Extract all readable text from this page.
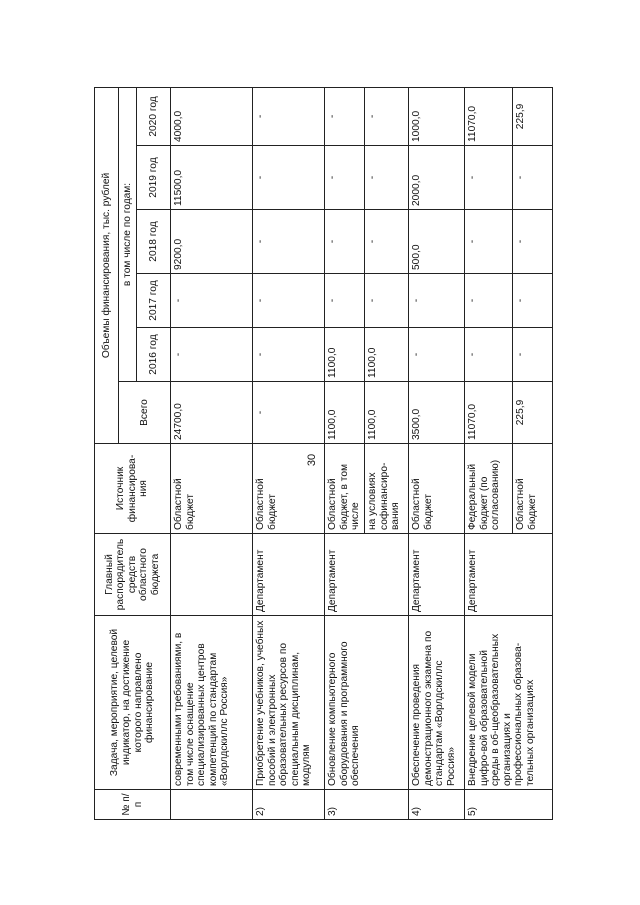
30
№ п/п	Задача, мероприятие, целевой индикатор, на достижение которого направлено финансирование	Главный распорядитель средств областного бюджета	Источник финансирова-ния	Объемы финансирования, тыс. рублей					
				Всего	в том числе по годам:				
					2016 год	2017 год	2018 год	2019 год	2020 год
	современными требованиями, в том числе оснащение специализированных центров компетенций по стандартам «Ворлдскиллс Россия»		Областной бюджет	24700,0	-	-	9200,0	11500,0	4000,0
2)	Приобретение учебников, учебных пособий и электронных образовательных ресурсов по специальным дисциплинам, модулям	Департамент	Областной бюджет	-	-	-	-	-	-
3)	Обновление компьютерного оборудования и программного обеспечения	Департамент	Областной бюджет, в том числе	1100,0	1100,0	-	-	-	-
			на условиях софинансиро-вания	1100,0	1100,0	-	-	-	-
4)	Обеспечение проведения демонстрационного экзамена по стандартам «Ворлдскиллс Россия»	Департамент	Областной бюджет	3500,0	-	-	500,0	2000,0	1000,0
5)	Внедрение целевой модели цифро-вой образовательной среды в об-щеобразовательных организациях и профессиональных образова-тельных организациях	Департамент	Федеральный бюджет (по согласованию)	11070,0	-	-	-	-	11070,0
			Областной бюджет	225,9	-	-	-	-	225,9
